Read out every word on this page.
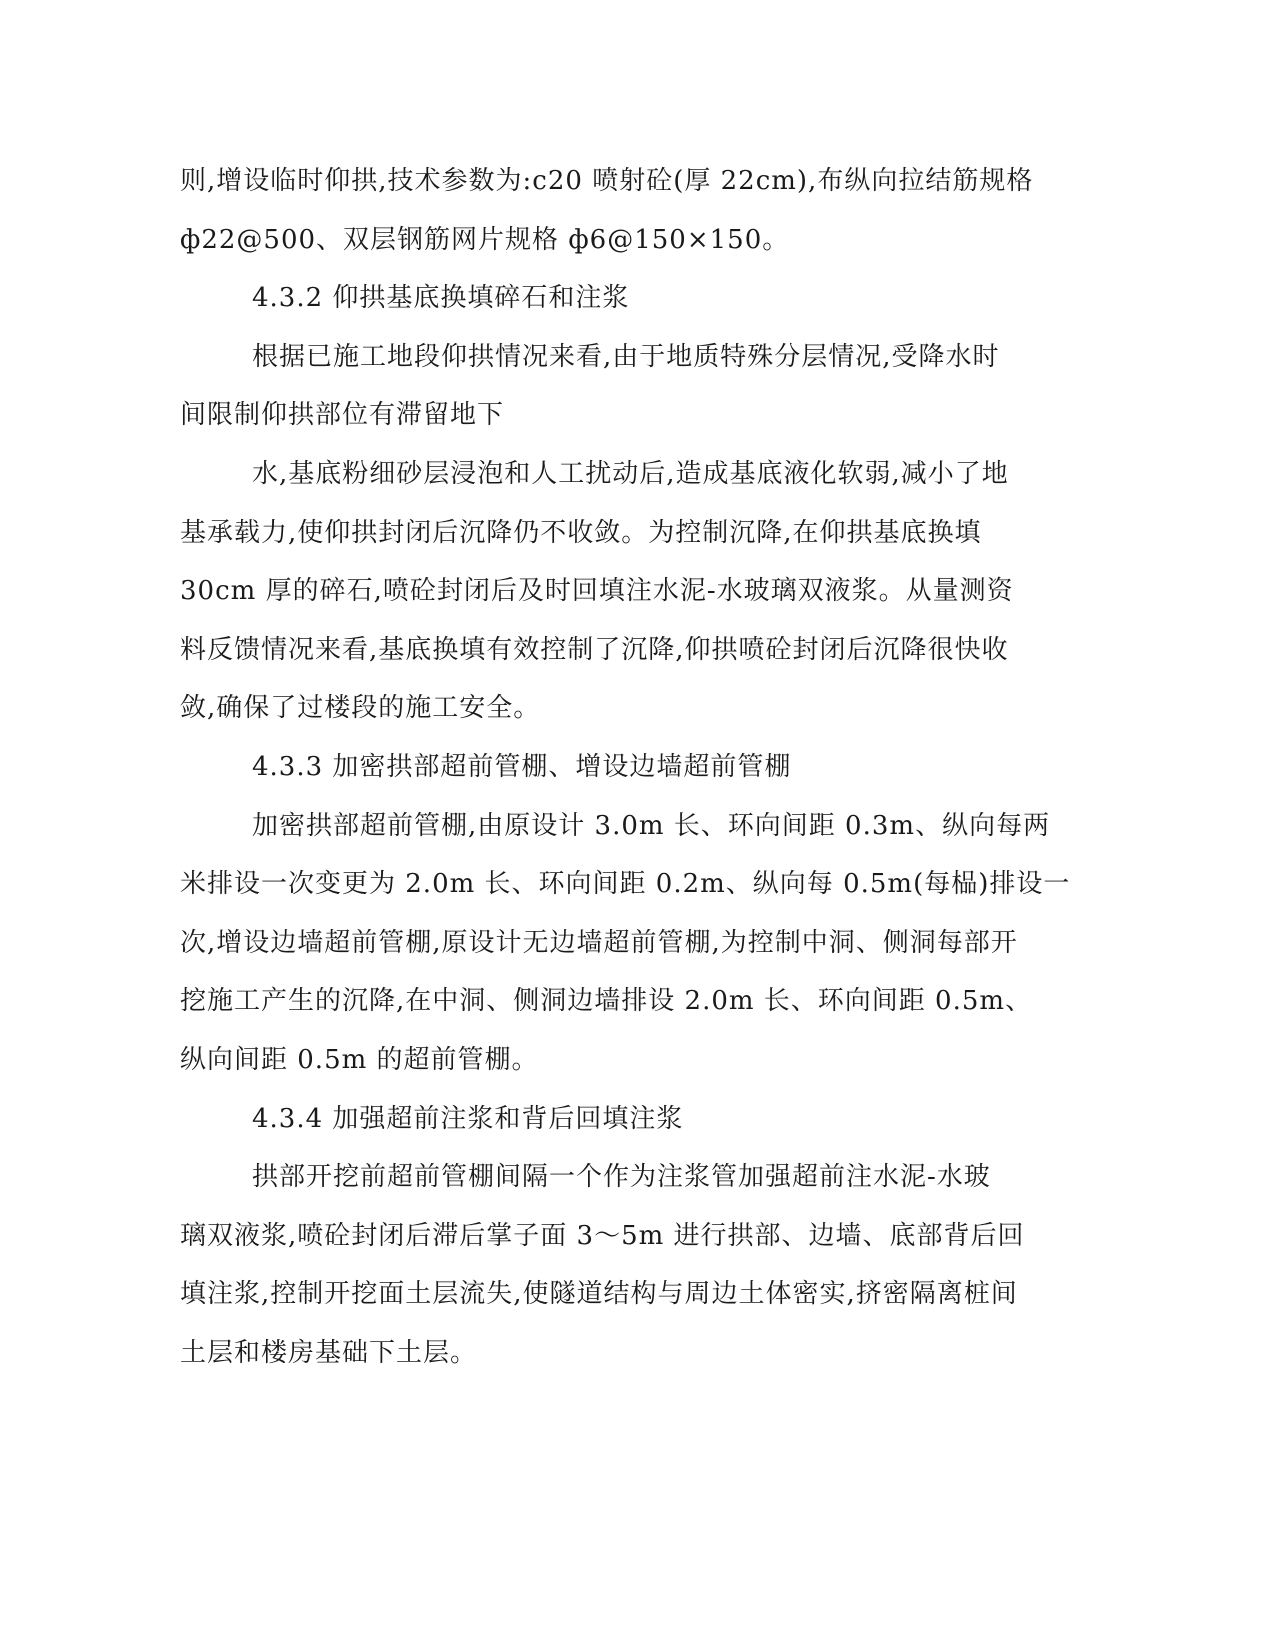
则,增设临时仰拱,技术参数为:c20 喷射砼(厚 22cm),布纵向拉结筋规格
ф22@500、双层钢筋网片规格 ф6@150×150。
4.3.2 仰拱基底换填碎石和注浆
根据已施工地段仰拱情况来看,由于地质特殊分层情况,受降水时
间限制仰拱部位有滞留地下
水,基底粉细砂层浸泡和人工扰动后,造成基底液化软弱,减小了地
基承载力,使仰拱封闭后沉降仍不收敛。为控制沉降,在仰拱基底换填
30cm 厚的碎石,喷砼封闭后及时回填注水泥-水玻璃双液浆。从量测资
料反馈情况来看,基底换填有效控制了沉降,仰拱喷砼封闭后沉降很快收
敛,确保了过楼段的施工安全。
4.3.3 加密拱部超前管棚、增设边墙超前管棚
加密拱部超前管棚,由原设计 3.0m 长、环向间距 0.3m、纵向每两
米排设一次变更为 2.0m 长、环向间距 0.2m、纵向每 0.5m(每榀)排设一
次,增设边墙超前管棚,原设计无边墙超前管棚,为控制中洞、侧洞每部开
挖施工产生的沉降,在中洞、侧洞边墙排设 2.0m 长、环向间距 0.5m、
纵向间距 0.5m 的超前管棚。
4.3.4 加强超前注浆和背后回填注浆
拱部开挖前超前管棚间隔一个作为注浆管加强超前注水泥-水玻
璃双液浆,喷砼封闭后滞后掌子面 3～5m 进行拱部、边墙、底部背后回
填注浆,控制开挖面土层流失,使隧道结构与周边土体密实,挤密隔离桩间
土层和楼房基础下土层。
